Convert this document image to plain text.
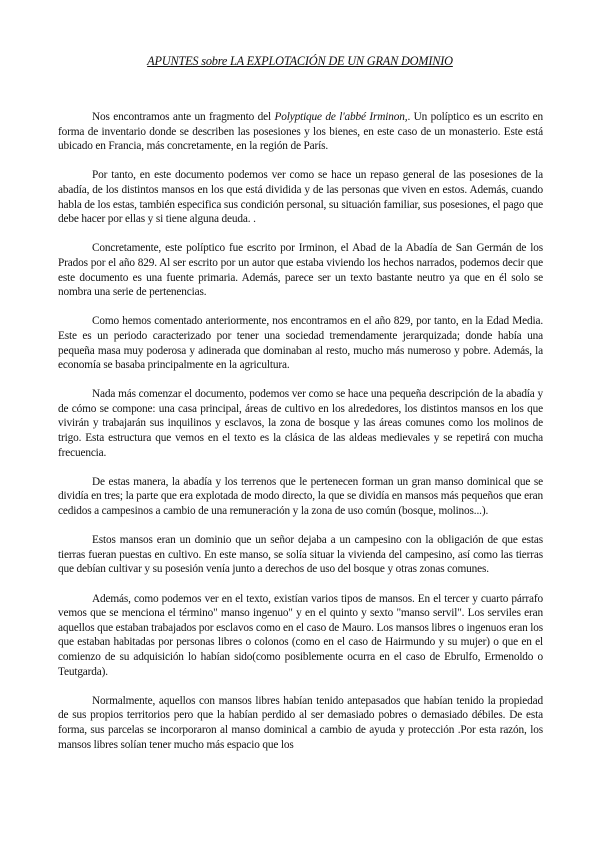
APUNTES sobre LA EXPLOTACIÓN DE UN GRAN DOMINIO

Nos encontramos ante un fragmento del Polyptique de l'abbé Irminon,. Un políptico es un escrito en forma de inventario donde se describen las posesiones y los bienes, en este caso de un monasterio. Este está ubicado en Francia, más concretamente, en la región de París.

Por tanto, en este documento podemos ver como se hace un repaso general de las posesiones de la abadía, de los distintos mansos en los que está dividida y de las personas que viven en estos. Además, cuando habla de los estas, también especifica sus condición personal, su situación familiar, sus posesiones, el pago que debe hacer por ellas y si tiene alguna deuda. .

Concretamente, este políptico fue escrito por Irminon, el Abad de la Abadía de San Germán de los Prados por el año 829. Al ser escrito por un autor que estaba viviendo los hechos narrados, podemos decir que este documento es una fuente primaria. Además, parece ser un texto bastante neutro ya que en él solo se nombra una serie de pertenencias.

Como hemos comentado anteriormente, nos encontramos en el año 829, por tanto, en la Edad Media. Este es un periodo caracterizado por tener una sociedad tremendamente jerarquizada; donde había una pequeña masa muy poderosa y adinerada que dominaban al resto, mucho más numeroso y pobre. Además, la economía se basaba principalmente en la agricultura.

Nada más comenzar el documento, podemos ver como se hace una pequeña descripción de la abadía y de cómo se compone: una casa principal, áreas de cultivo en los alrededores, los distintos mansos en los que vivirán y trabajarán sus inquilinos y esclavos, la zona de bosque y las áreas comunes como los molinos de trigo. Esta estructura que vemos en el texto es la clásica de las aldeas medievales y se repetirá con mucha frecuencia.

De estas manera, la abadía y los terrenos que le pertenecen forman un gran manso dominical que se dividía en tres; la parte que era explotada de modo directo, la que se dividía en mansos más pequeños que eran cedidos a campesinos a cambio de una remuneración y la zona de uso común (bosque, molinos...).

Estos mansos eran un dominio que un señor dejaba a un campesino con la obligación de que estas tierras fueran puestas en cultivo. En este manso, se solía situar la vivienda del campesino, así como las tierras que debían cultivar y su posesión venía junto a derechos de uso del bosque y otras zonas comunes.

Además, como podemos ver en el texto, existían varios tipos de mansos. En el tercer y cuarto párrafo vemos que se menciona el término" manso ingenuo" y en el quinto y sexto "manso servil". Los serviles eran aquellos que estaban trabajados por esclavos como en el caso de Mauro. Los mansos libres o ingenuos eran los que estaban habitadas por personas libres o colonos (como en el caso de Hairmundo y su mujer) o que en el comienzo de su adquisición lo habían sido(como posiblemente ocurra en el caso de Ebrulfo, Ermenoldo o Teutgarda).

Normalmente, aquellos con mansos libres habían tenido antepasados que habían tenido la propiedad de sus propios territorios pero que la habían perdido al ser demasiado pobres o demasiado débiles. De esta forma, sus parcelas se incorporaron al manso dominical a cambio de ayuda y protección .Por esta razón, los mansos libres solían tener mucho más espacio que los
